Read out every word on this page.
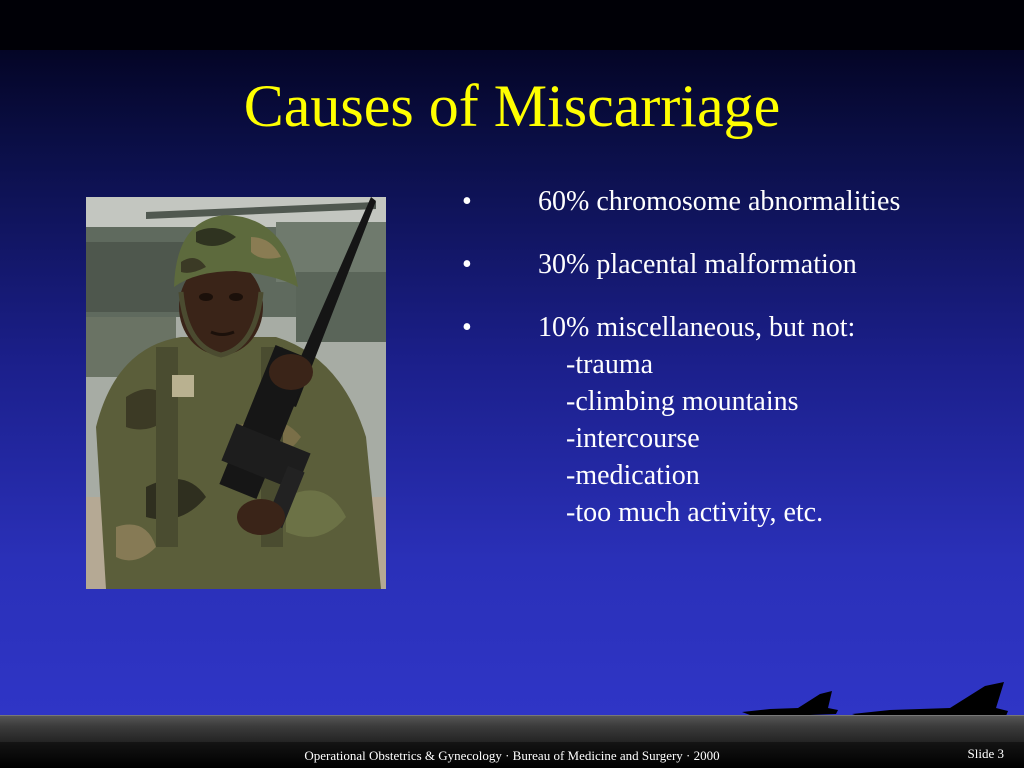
Causes of Miscarriage
• 60% chromosome abnormalities
• 30% placental malformation
• 10% miscellaneous, but not:
-trauma
-climbing mountains
-intercourse
-medication
-too much activity, etc.
Operational Obstetrics & Gynecology · Bureau of Medicine and Surgery · 2000	Slide 3
